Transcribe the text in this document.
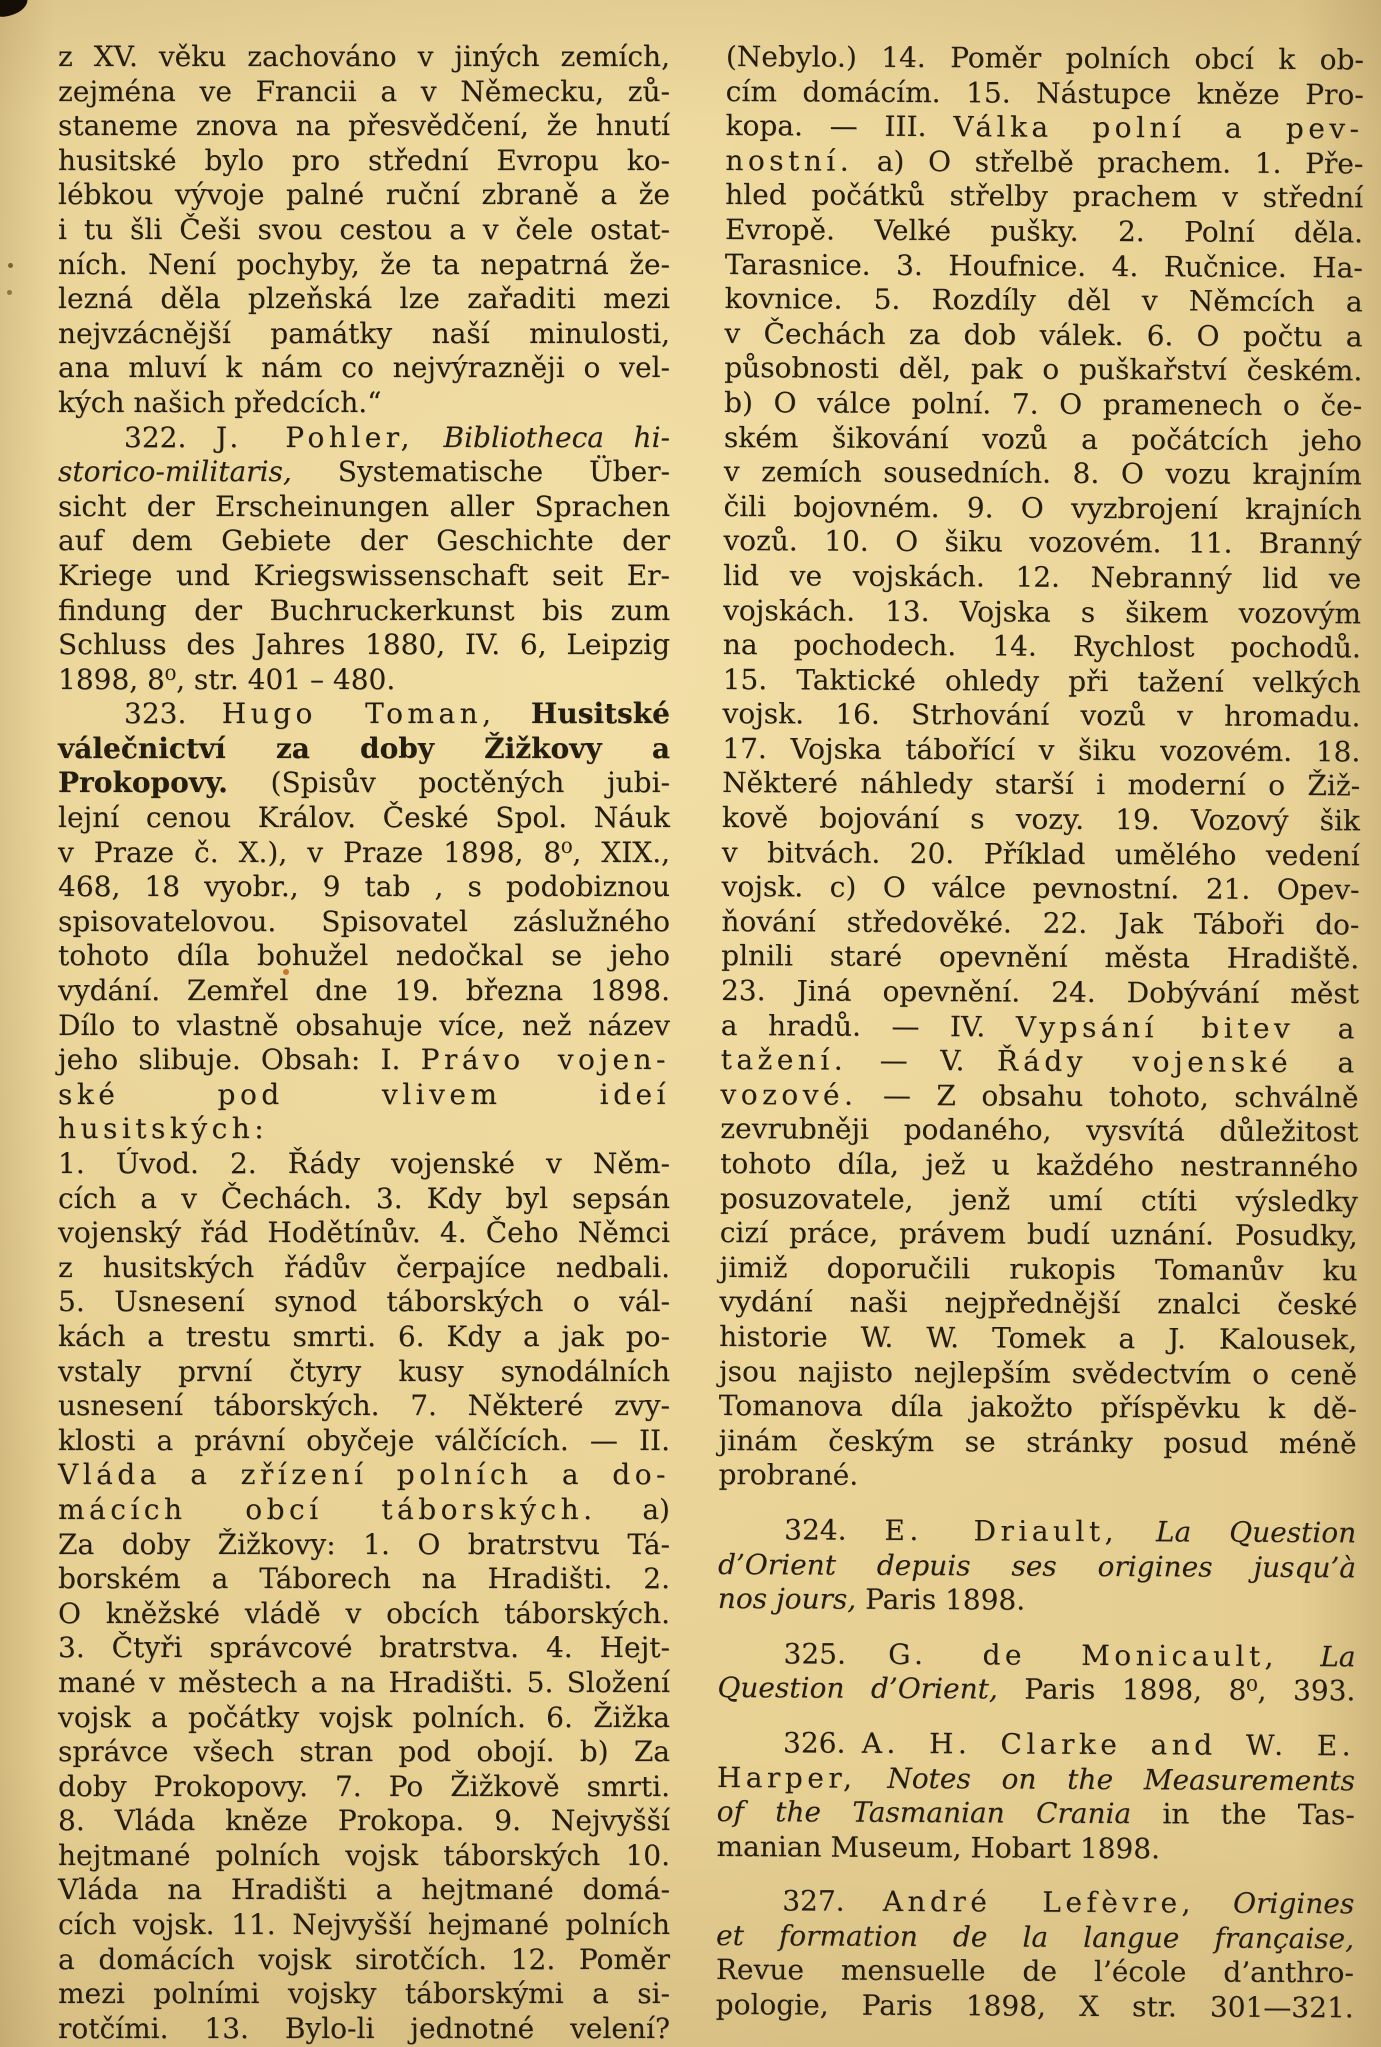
z XV. věku zachováno v jiných zemích,
zejména ve Francii a v Německu, zů-
staneme znova na přesvědčení, že hnutí
husitské bylo pro střední Evropu ko-
lébkou vývoje palné ruční zbraně a že
i tu šli Češi svou cestou a v čele ostat-
ních. Není pochyby, že ta nepatrná že-
lezná děla plzeňská lze zařaditi mezi
nejvzácnější památky naší minulosti,
ana mluví k nám co nejvýrazněji o vel-
kých našich předcích.“
322. J. Pohler, Bibliotheca hi-
storico-militaris, Systematische Über-
sicht der Erscheinungen aller Sprachen
auf dem Gebiete der Geschichte der
Kriege und Kriegswissenschaft seit Er-
findung der Buchruckerkunst bis zum
Schluss des Jahres 1880, IV. 6, Leipzig
1898, 8⁰, str. 401 – 480.
323. Hugo Toman, Husitské
válečnictví za doby Žižkovy a
Prokopovy. (Spisův poctěných jubi-
lejní cenou Králov. České Spol. Náuk
v Praze č. X.), v Praze 1898, 8⁰, XIX.,
468, 18 vyobr., 9 tab , s podobiznou
spisovatelovou. Spisovatel záslužného
tohoto díla bohužel nedočkal se jeho
vydání. Zemřel dne 19. března 1898.
Dílo to vlastně obsahuje více, než název
jeho slibuje. Obsah: I. Právo vojen-
ské pod vlivem ideí husitských:
1. Úvod. 2. Řády vojenské v Něm-
cích a v Čechách. 3. Kdy byl sepsán
vojenský řád Hodětínův. 4. Čeho Němci
z husitských řádův čerpajíce nedbali.
5. Usnesení synod táborských o vál-
kách a trestu smrti. 6. Kdy a jak po-
vstaly první čtyry kusy synodálních
usnesení táborských. 7. Některé zvy-
klosti a právní obyčeje válčících. — II.
Vláda a zřízení polních a do-
mácích obcí táborských. a)
Za doby Žižkovy: 1. O bratrstvu Tá-
borském a Táborech na Hradišti. 2.
O kněžské vládě v obcích táborských.
3. Čtyři správcové bratrstva. 4. Hejt-
mané v městech a na Hradišti. 5. Složení
vojsk a počátky vojsk polních. 6. Žižka
správce všech stran pod obojí. b) Za
doby Prokopovy. 7. Po Žižkově smrti.
8. Vláda kněze Prokopa. 9. Nejvyšší
hejtmané polních vojsk táborských 10.
Vláda na Hradišti a hejtmané domá-
cích vojsk. 11. Nejvyšší hejmané polních
a domácích vojsk sirotčích. 12. Poměr
mezi polními vojsky táborskými a si-
rotčími. 13. Bylo-li jednotné velení?
(Nebylo.) 14. Poměr polních obcí k ob-
cím domácím. 15. Nástupce kněze Pro-
kopa. — III. Válka polní a pev-
nostní. a) O střelbě prachem. 1. Pře-
hled počátků střelby prachem v střední
Evropě. Velké pušky. 2. Polní děla.
Tarasnice. 3. Houfnice. 4. Ručnice. Ha-
kovnice. 5. Rozdíly děl v Němcích a
v Čechách za dob válek. 6. O počtu a
působnosti děl, pak o puškařství českém.
b) O válce polní. 7. O pramenech o če-
ském šikování vozů a počátcích jeho
v zemích sousedních. 8. O vozu krajním
čili bojovném. 9. O vyzbrojení krajních
vozů. 10. O šiku vozovém. 11. Branný
lid ve vojskách. 12. Nebranný lid ve
vojskách. 13. Vojska s šikem vozovým
na pochodech. 14. Rychlost pochodů.
15. Taktické ohledy při tažení velkých
vojsk. 16. Strhování vozů v hromadu.
17. Vojska tábořící v šiku vozovém. 18.
Některé náhledy starší i moderní o Žiž-
kově bojování s vozy. 19. Vozový šik
v bitvách. 20. Příklad umělého vedení
vojsk. c) O válce pevnostní. 21. Opev-
ňování středověké. 22. Jak Táboři do-
plnili staré opevnění města Hradiště.
23. Jiná opevnění. 24. Dobývání měst
a hradů. — IV. Vypsání bitev a
tažení. — V. Řády vojenské a
vozové. — Z obsahu tohoto, schválně
zevrubněji podaného, vysvítá důležitost
tohoto díla, jež u každého nestranného
posuzovatele, jenž umí ctíti výsledky
cizí práce, právem budí uznání. Posudky,
jimiž doporučili rukopis Tomanův ku
vydání naši nejpřednější znalci české
historie W. W. Tomek a J. Kalousek,
jsou najisto nejlepším svědectvím o ceně
Tomanova díla jakožto příspěvku k dě-
jinám českým se stránky posud méně
probrané.
324. E. Driault, La Question
d’Orient depuis ses origines jusqu’à
nos jours, Paris 1898.
325. G. de Monicault, La
Question d’Orient, Paris 1898, 8⁰, 393.
326. A. H. Clarke and W. E.
Harper, Notes on the Measurements
of the Tasmanian Crania in the Tas-
manian Museum, Hobart 1898.
327. André Lefèvre, Origines
et formation de la langue française,
Revue mensuelle de l’école d’anthro-
pologie, Paris 1898, X str. 301—321.
